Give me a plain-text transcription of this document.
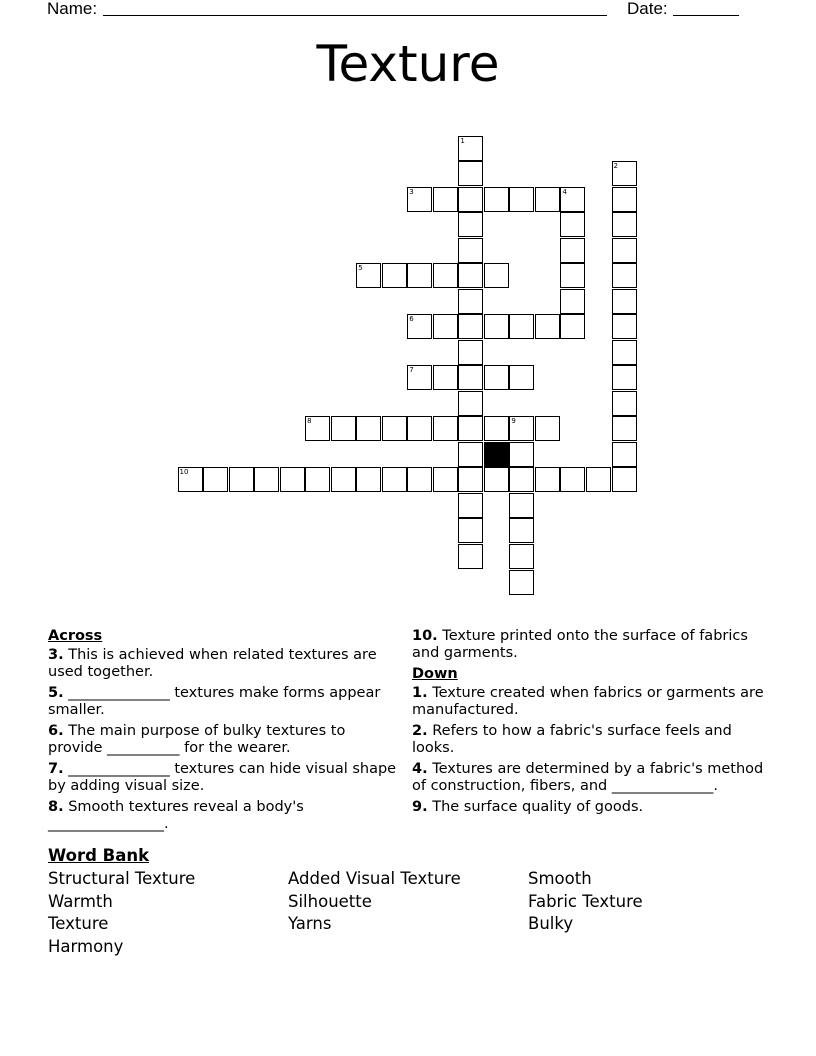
Name:	Date:
Texture
3	4
5
6
7
8	9
10
1
2
Across
3. This is achieved when related textures are used together.
5. ______________ textures make forms appear smaller.
6. The main purpose of bulky textures to provide __________ for the wearer.
7. ______________ textures can hide visual shape by adding visual size.
8. Smooth textures reveal a body's ________________.
10. Texture printed onto the surface of fabrics and garments.
Down
1. Texture created when fabrics or garments are manufactured.
2. Refers to how a fabric's surface feels and looks.
4. Textures are determined by a fabric's method of construction, fibers, and ______________.
9. The surface quality of goods.
Word Bank
Structural Texture	Added Visual Texture	Smooth
Warmth	Silhouette	Fabric Texture
Texture	Yarns	Bulky
Harmony
